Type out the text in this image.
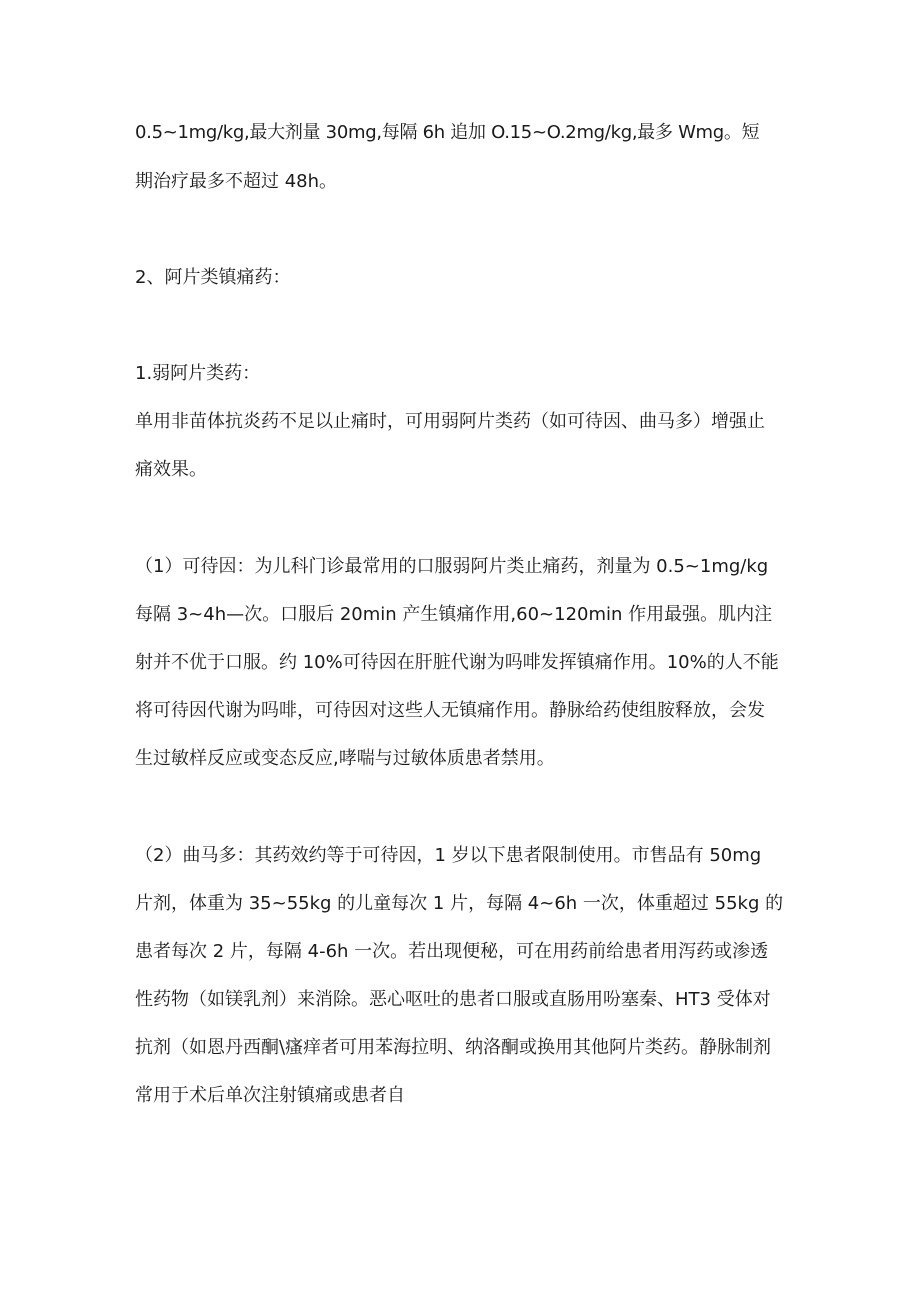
0.5~1mg/kg,最大剂量 30mg,每隔 6h 追加 O.15~O.2mg/kg,最多 Wmg。短
期治疗最多不超过 48h。
2、阿片类镇痛药：
1.弱阿片类药：
单用非苗体抗炎药不足以止痛时，可用弱阿片类药（如可待因、曲马多）增强止
痛效果。
（1）可待因：为儿科门诊最常用的口服弱阿片类止痛药，剂量为 0.5~1mg/kg
每隔 3~4h—次。口服后 20min 产生镇痛作用,60~120min 作用最强。肌内注
射并不优于口服。约 10%可待因在肝脏代谢为吗啡发挥镇痛作用。10%的人不能
将可待因代谢为吗啡，可待因对这些人无镇痛作用。静脉给药使组胺释放，会发
生过敏样反应或变态反应,哮喘与过敏体质患者禁用。
（2）曲马多：其药效约等于可待因，1 岁以下患者限制使用。市售品有 50mg
片剂，体重为 35~55kg 的儿童每次 1 片，每隔 4~6h 一次，体重超过 55kg 的
患者每次 2 片，每隔 4-6h 一次。若出现便秘，可在用药前给患者用泻药或渗透
性药物（如镁乳剂）来消除。恶心呕吐的患者口服或直肠用吩塞秦、HT3 受体对
抗剂（如恩丹西酮\瘙痒者可用苯海拉明、纳洛酮或换用其他阿片类药。静脉制剂
常用于术后单次注射镇痛或患者自
